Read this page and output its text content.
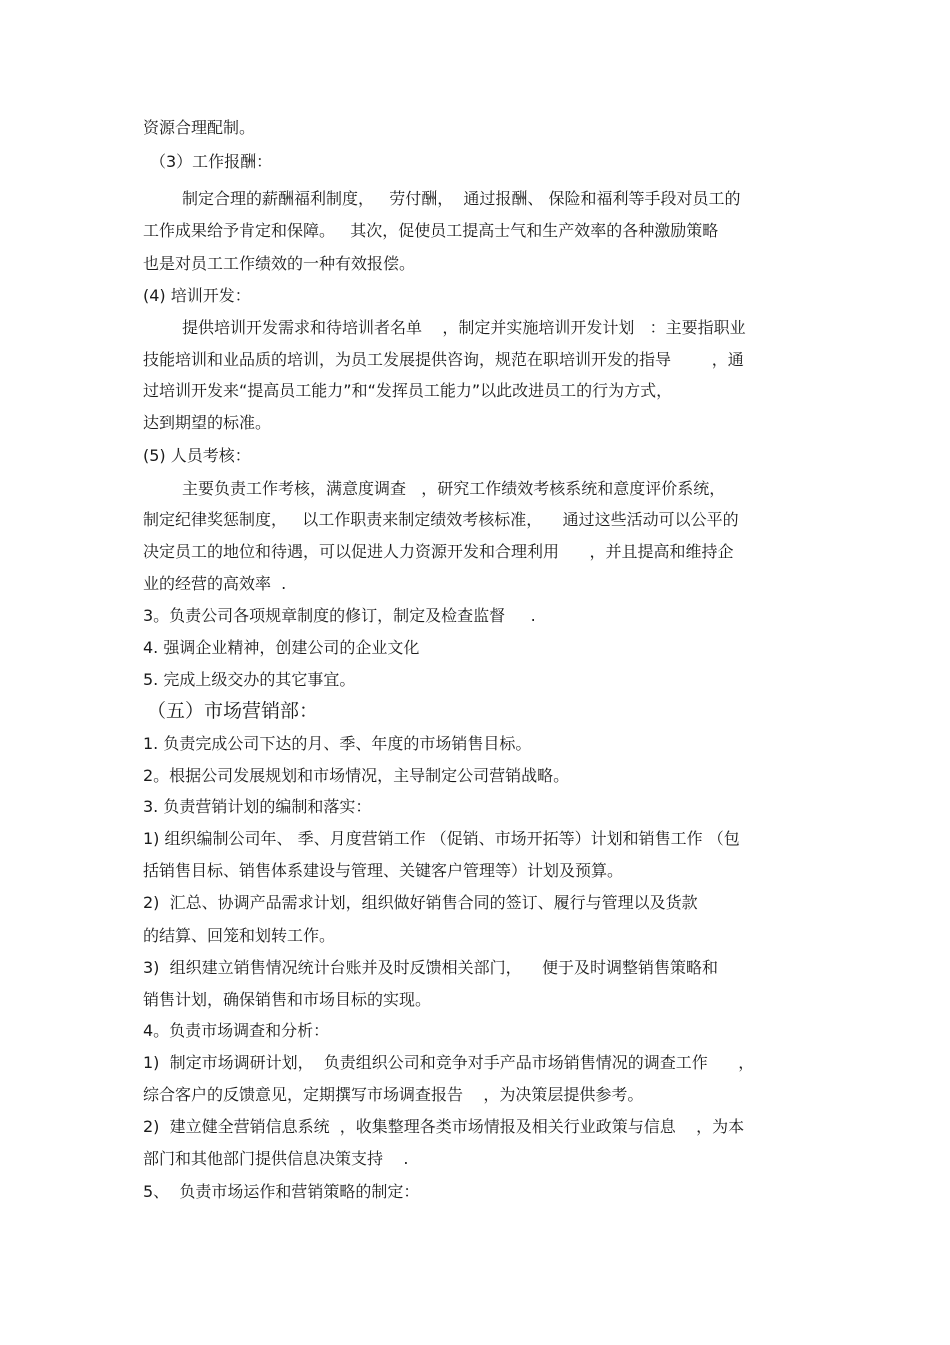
资源合理配制。
（3）工作报酬：
制定合理的薪酬福利制度，   劳付酬，  通过报酬、 保险和福利等手段对员工的
工作成果给予肯定和保障。   其次，促使员工提高士气和生产效率的各种激励策略
也是对员工工作绩效的一种有效报偿。
(4) 培训开发：
提供培训开发需求和待培训者名单    ，制定并实施培训开发计划   ：主要指职业
技能培训和业品质的培训，为员工发展提供咨询，规范在职培训开发的指导        ，通
过培训开发来“提高员工能力”和“发挥员工能力”以此改进员工的行为方式，
达到期望的标准。
(5) 人员考核：
主要负责工作考核，满意度调查   ，研究工作绩效考核系统和意度评价系统，
制定纪律奖惩制度，   以工作职责来制定绩效考核标准，    通过这些活动可以公平的
决定员工的地位和待遇，可以促进人力资源开发和合理利用      ，并且提高和维持企
业的经营的高效率  .
3。负责公司各项规章制度的修订，制定及检查监督     .
4. 强调企业精神，创建公司的企业文化
5. 完成上级交办的其它事宜。
（五）市场营销部：
1. 负责完成公司下达的月、季、年度的市场销售目标。
2。根据公司发展规划和市场情况，主导制定公司营销战略。
3. 负责营销计划的编制和落实：
1) 组织编制公司年、 季、月度营销工作 （促销、市场开拓等）计划和销售工作 （包
括销售目标、销售体系建设与管理、关键客户管理等）计划及预算。
2)  汇总、协调产品需求计划，组织做好销售合同的签订、履行与管理以及货款
的结算、回笼和划转工作。
3)  组织建立销售情况统计台账并及时反馈相关部门，    便于及时调整销售策略和
销售计划，确保销售和市场目标的实现。
4。负责市场调查和分析：
1)  制定市场调研计划，  负责组织公司和竞争对手产品市场销售情况的调查工作      ，
综合客户的反馈意见，定期撰写市场调查报告    ，为决策层提供参考。
2)  建立健全营销信息系统  ，收集整理各类市场情报及相关行业政策与信息    ，为本
部门和其他部门提供信息决策支持    .
5、  负责市场运作和营销策略的制定：
